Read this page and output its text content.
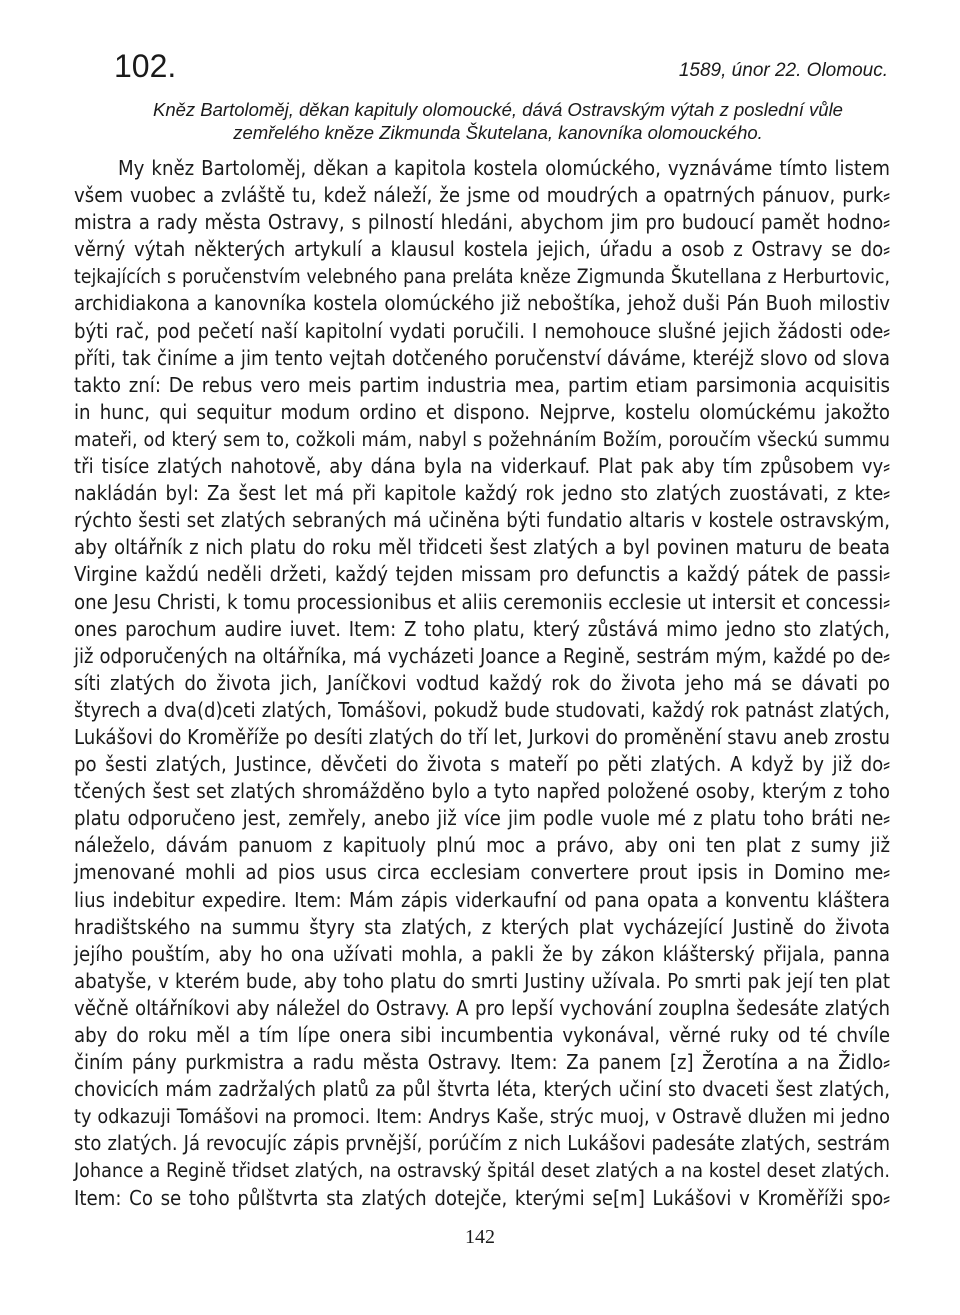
102.	1589, únor 22. Olomouc.
Kněz Bartoloměj, děkan kapituly olomoucké, dává Ostravským výtah z poslední vůle
zemřelého kněze Zikmunda Škutelana, kanovníka olomouckého.
My kněz Bartoloměj, děkan a kapitola kostela olomúckého, vyznáváme tímto listem
všem vuobec a zvláště tu, kdež náleží, že jsme od moudrých a opatrných pánuov, purk⸗
mistra a rady města Ostravy, s pilností hledáni, abychom jim pro budoucí pamět hodno⸗
věrný výtah některých artykulí a klausul kostela jejich, úřadu a osob z Ostravy se do⸗
tejkajících s poručenstvím velebného pana preláta kněze Zigmunda Škutellana z Herburtovic,
archidiakona a kanovníka kostela olomúckého již neboštíka, jehož duši Pán Buoh milostiv
býti rač, pod pečetí naší kapitolní vydati poručili. I nemohouce slušné jejich žádosti ode⸗
příti, tak činíme a jim tento vejtah dotčeného poručenství dáváme, kteréjž slovo od slova
takto zní: De rebus vero meis partim industria mea, partim etiam parsimonia acquisitis
in hunc, qui sequitur modum ordino et dispono. Nejprve, kostelu olomúckému jakožto
mateři, od který sem to, cožkoli mám, nabyl s požehnáním Božím, poroučím všeckú summu
tři tisíce zlatých nahotově, aby dána byla na viderkauf. Plat pak aby tím způsobem vy⸗
nakládán byl: Za šest let má při kapitole každý rok jedno sto zlatých zuostávati, z kte⸗
rýchto šesti set zlatých sebraných má učiněna býti fundatio altaris v kostele ostravským,
aby oltářník z nich platu do roku měl třidceti šest zlatých a byl povinen maturu de beata
Virgine každú neděli držeti, každý tejden missam pro defunctis a každý pátek de passi⸗
one Jesu Christi, k tomu processionibus et aliis ceremoniis ecclesie ut intersit et concessi⸗
ones parochum audire iuvet. Item: Z toho platu, který zůstává mimo jedno sto zlatých,
již odporučených na oltářníka, má vycházeti Joance a Regině, sestrám mým, každé po de⸗
síti zlatých do života jich, Janíčkovi vodtud každý rok do života jeho má se dávati po
štyrech a dva(d)ceti zlatých, Tomášovi, pokudž bude studovati, každý rok patnást zlatých,
Lukášovi do Kroměříže po desíti zlatých do tří let, Jurkovi do proměnění stavu aneb zrostu
po šesti zlatých, Justince, děvčeti do života s mateří po pěti zlatých. A když by již do⸗
tčených šest set zlatých shromážděno bylo a tyto napřed položené osoby, kterým z toho
platu odporučeno jest, zemřely, anebo již více jim podle vuole mé z platu toho bráti ne⸗
náleželo, dávám panuom z kapituoly plnú moc a právo, aby oni ten plat z sumy již
jmenované mohli ad pios usus circa ecclesiam convertere prout ipsis in Domino me⸗
lius indebitur expedire. Item: Mám zápis viderkaufní od pana opata a konventu kláštera
hradištského na summu štyry sta zlatých, z kterých plat vycházející Justině do života
jejího pouštím, aby ho ona užívati mohla, a pakli že by zákon klášterský přijala, panna
abatyše, v kterém bude, aby toho platu do smrti Justiny užívala. Po smrti pak její ten plat
věčně oltářníkovi aby náležel do Ostravy. A pro lepší vychování zouplna šedesáte zlatých
aby do roku měl a tím lípe onera sibi incumbentia vykonával, věrné ruky od té chvíle
činím pány purkmistra a radu města Ostravy. Item: Za panem [z] Žerotína a na Židlo⸗
chovicích mám zadržalých platů za půl štvrta léta, kterých učiní sto dvaceti šest zlatých,
ty odkazuji Tomášovi na promoci. Item: Andrys Kaše, strýc muoj, v Ostravě dlužen mi jedno
sto zlatých. Já revocujíc zápis prvnější, porúčím z nich Lukášovi padesáte zlatých, sestrám
Johance a Regině třidset zlatých, na ostravský špitál deset zlatých a na kostel deset zlatých.
Item: Co se toho půlštvrta sta zlatých dotejče, kterými se[m] Lukášovi v Kroměříži spo⸗
142
